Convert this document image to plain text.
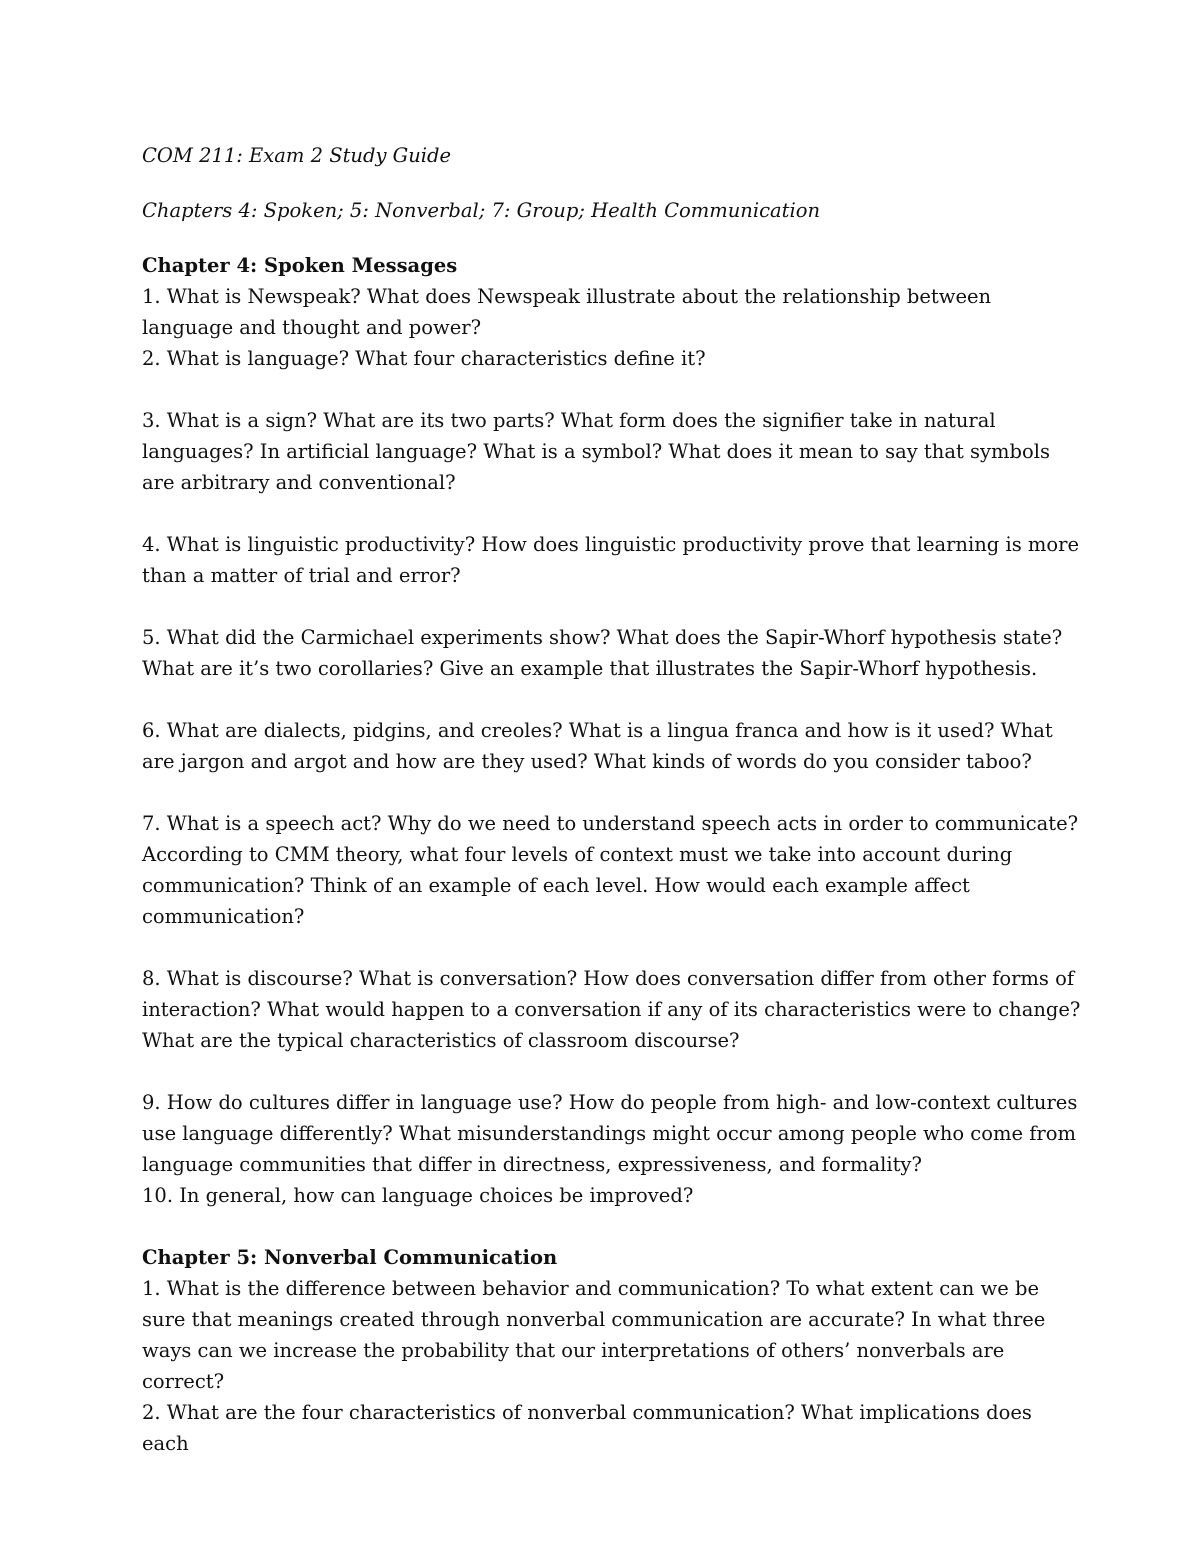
COM 211: Exam 2 Study Guide

Chapters 4: Spoken; 5: Nonverbal; 7: Group; Health Communication

Chapter 4: Spoken Messages

1. What is Newspeak? What does Newspeak illustrate about the relationship between language and thought and power?

2. What is language? What four characteristics define it?

3. What is a sign? What are its two parts? What form does the signifier take in natural languages? In artificial language? What is a symbol? What does it mean to say that symbols are arbitrary and conventional?

4. What is linguistic productivity? How does linguistic productivity prove that learning is more than a matter of trial and error?

5. What did the Carmichael experiments show? What does the Sapir-Whorf hypothesis state? What are it’s two corollaries? Give an example that illustrates the Sapir-Whorf hypothesis.

6. What are dialects, pidgins, and creoles? What is a lingua franca and how is it used? What are jargon and argot and how are they used? What kinds of words do you consider taboo?

7. What is a speech act? Why do we need to understand speech acts in order to communicate? According to CMM theory, what four levels of context must we take into account during communication? Think of an example of each level. How would each example affect communication?

8. What is discourse? What is conversation? How does conversation differ from other forms of interaction? What would happen to a conversation if any of its characteristics were to change? What are the typical characteristics of classroom discourse?

9. How do cultures differ in language use? How do people from high- and low-context cultures use language differently? What misunderstandings might occur among people who come from language communities that differ in directness, expressiveness, and formality?

10. In general, how can language choices be improved?

Chapter 5: Nonverbal Communication

1. What is the difference between behavior and communication? To what extent can we be sure that meanings created through nonverbal communication are accurate? In what three ways can we increase the probability that our interpretations of others’ nonverbals are correct?

2. What are the four characteristics of nonverbal communication? What implications does each
